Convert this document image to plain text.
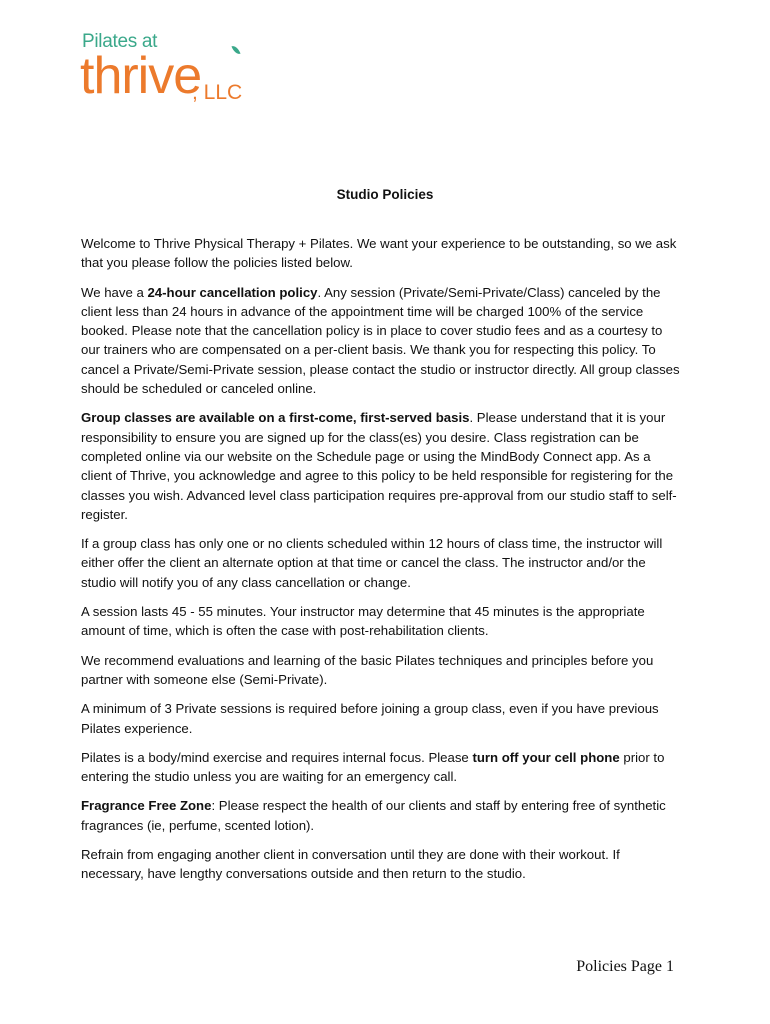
Pilates at
thrive
, LLC
Studio Policies

Welcome to Thrive Physical Therapy + Pilates. We want your experience to be outstanding, so we ask that you please follow the policies listed below.

We have a 24-hour cancellation policy. Any session (Private/Semi-Private/Class) canceled by the client less than 24 hours in advance of the appointment time will be charged 100% of the service booked. Please note that the cancellation policy is in place to cover studio fees and as a courtesy to our trainers who are compensated on a per-client basis. We thank you for respecting this policy. To cancel a Private/Semi-Private session, please contact the studio or instructor directly. All group classes should be scheduled or canceled online.

Group classes are available on a first-come, first-served basis. Please understand that it is your responsibility to ensure you are signed up for the class(es) you desire. Class registration can be completed online via our website on the Schedule page or using the MindBody Connect app. As a client of Thrive, you acknowledge and agree to this policy to be held responsible for registering for the classes you wish. Advanced level class participation requires pre-approval from our studio staff to self-register.

If a group class has only one or no clients scheduled within 12 hours of class time, the instructor will either offer the client an alternate option at that time or cancel the class. The instructor and/or the studio will notify you of any class cancellation or change.

A session lasts 45 - 55 minutes. Your instructor may determine that 45 minutes is the appropriate amount of time, which is often the case with post-rehabilitation clients.

We recommend evaluations and learning of the basic Pilates techniques and principles before you partner with someone else (Semi-Private).

A minimum of 3 Private sessions is required before joining a group class, even if you have previous Pilates experience.

Pilates is a body/mind exercise and requires internal focus. Please turn off your cell phone prior to entering the studio unless you are waiting for an emergency call.

Fragrance Free Zone: Please respect the health of our clients and staff by entering free of synthetic fragrances (ie, perfume, scented lotion).

Refrain from engaging another client in conversation until they are done with their workout. If necessary, have lengthy conversations outside and then return to the studio.

Policies Page 1
